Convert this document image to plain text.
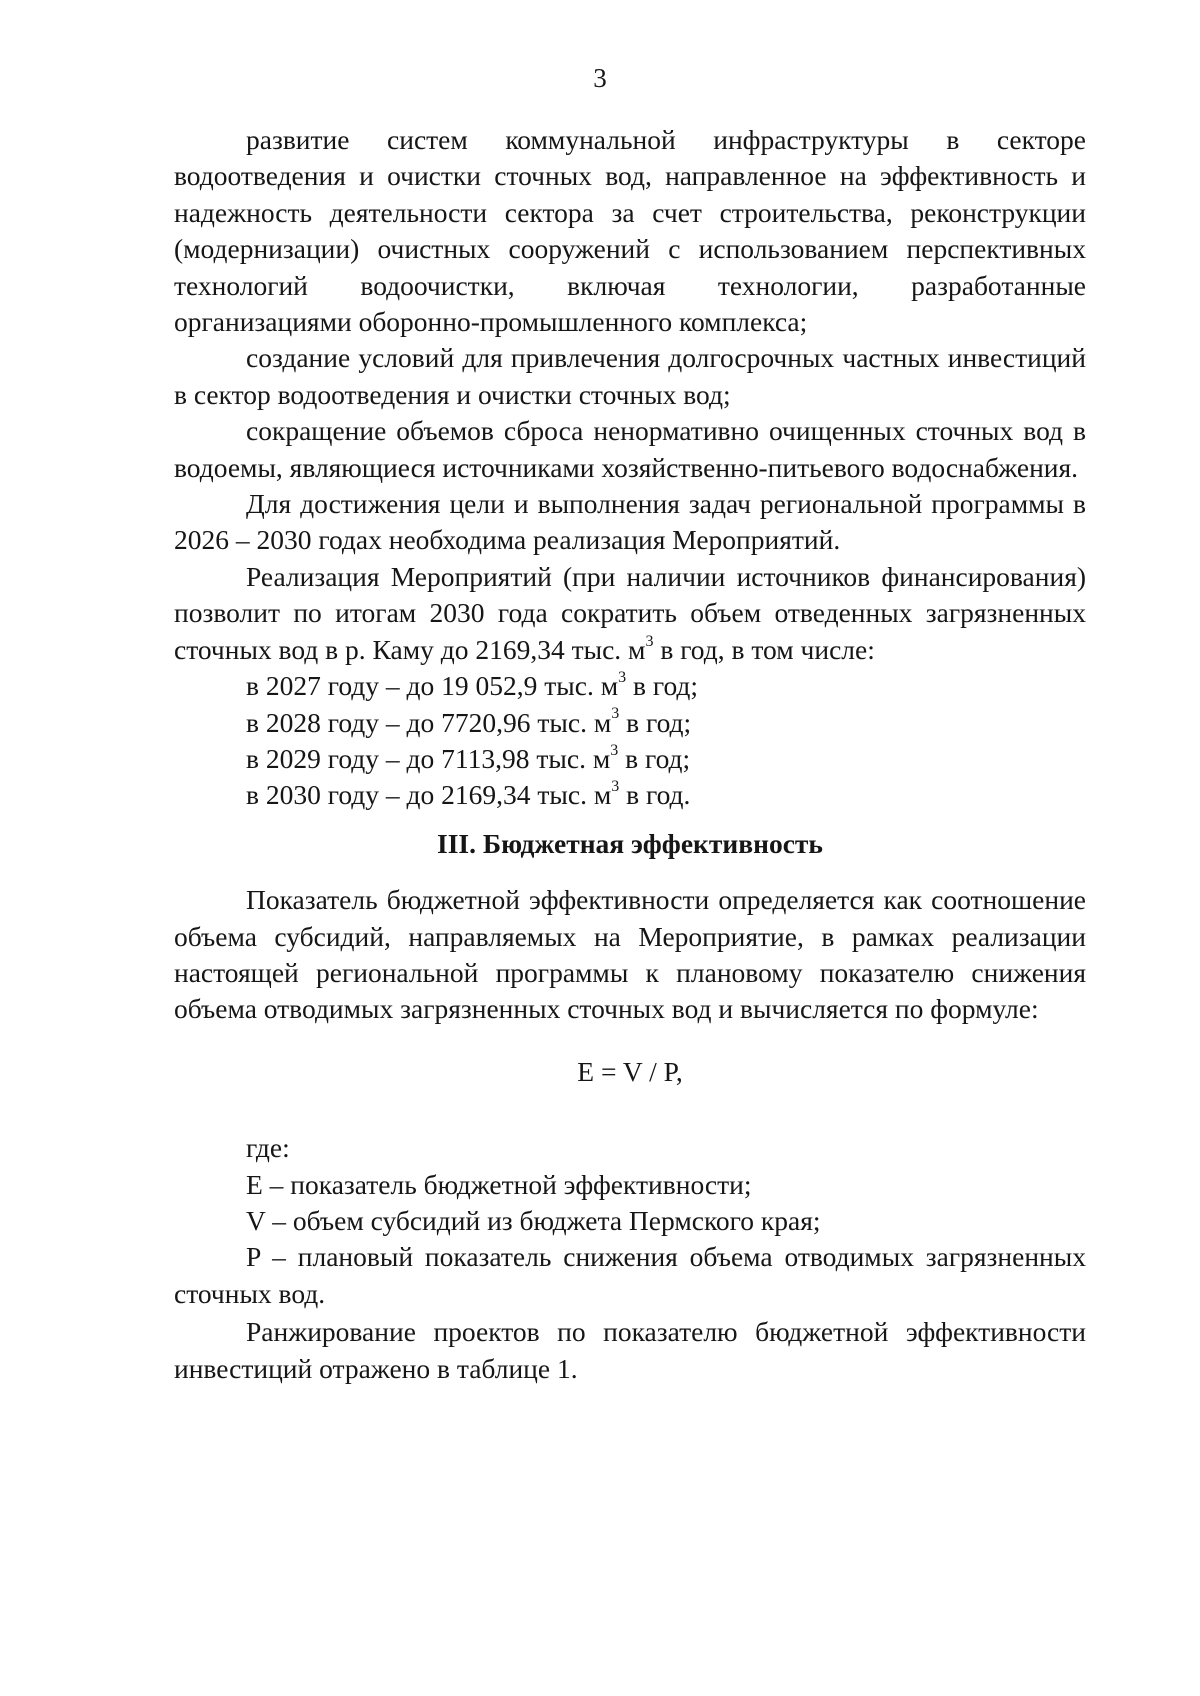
3

развитие систем коммунальной инфраструктуры в секторе водоотведения и очистки сточных вод, направленное на эффективность и надежность деятельности сектора за счет строительства, реконструкции (модернизации) очистных сооружений с использованием перспективных технологий водоочистки, включая технологии, разработанные организациями оборонно-промышленного комплекса;

создание условий для привлечения долгосрочных частных инвестиций в сектор водоотведения и очистки сточных вод;

сокращение объемов сброса ненормативно очищенных сточных вод в водоемы, являющиеся источниками хозяйственно-питьевого водоснабжения.

Для достижения цели и выполнения задач региональной программы в 2026 – 2030 годах необходима реализация Мероприятий.

Реализация Мероприятий (при наличии источников финансирования) позволит по итогам 2030 года сократить объем отведенных загрязненных сточных вод в р. Каму до 2169,34 тыс. $м^3$ в год, в том числе:

в 2027 году – до 19 052,9 тыс. $м^3$ в год;

в 2028 году – до 7720,96 тыс. $м^3$ в год;

в 2029 году – до 7113,98 тыс. $м^3$ в год;

в 2030 году – до 2169,34 тыс. $м^3$ в год.

III. Бюджетная эффективность

Показатель бюджетной эффективности определяется как соотношение объема субсидий, направляемых на Мероприятие, в рамках реализации настоящей региональной программы к плановому показателю снижения объема отводимых загрязненных сточных вод и вычисляется по формуле:

E = V / P,

где:

E – показатель бюджетной эффективности;

V – объем субсидий из бюджета Пермского края;

P – плановый показатель снижения объема отводимых загрязненных сточных вод.

Ранжирование проектов по показателю бюджетной эффективности инвестиций отражено в таблице 1.
